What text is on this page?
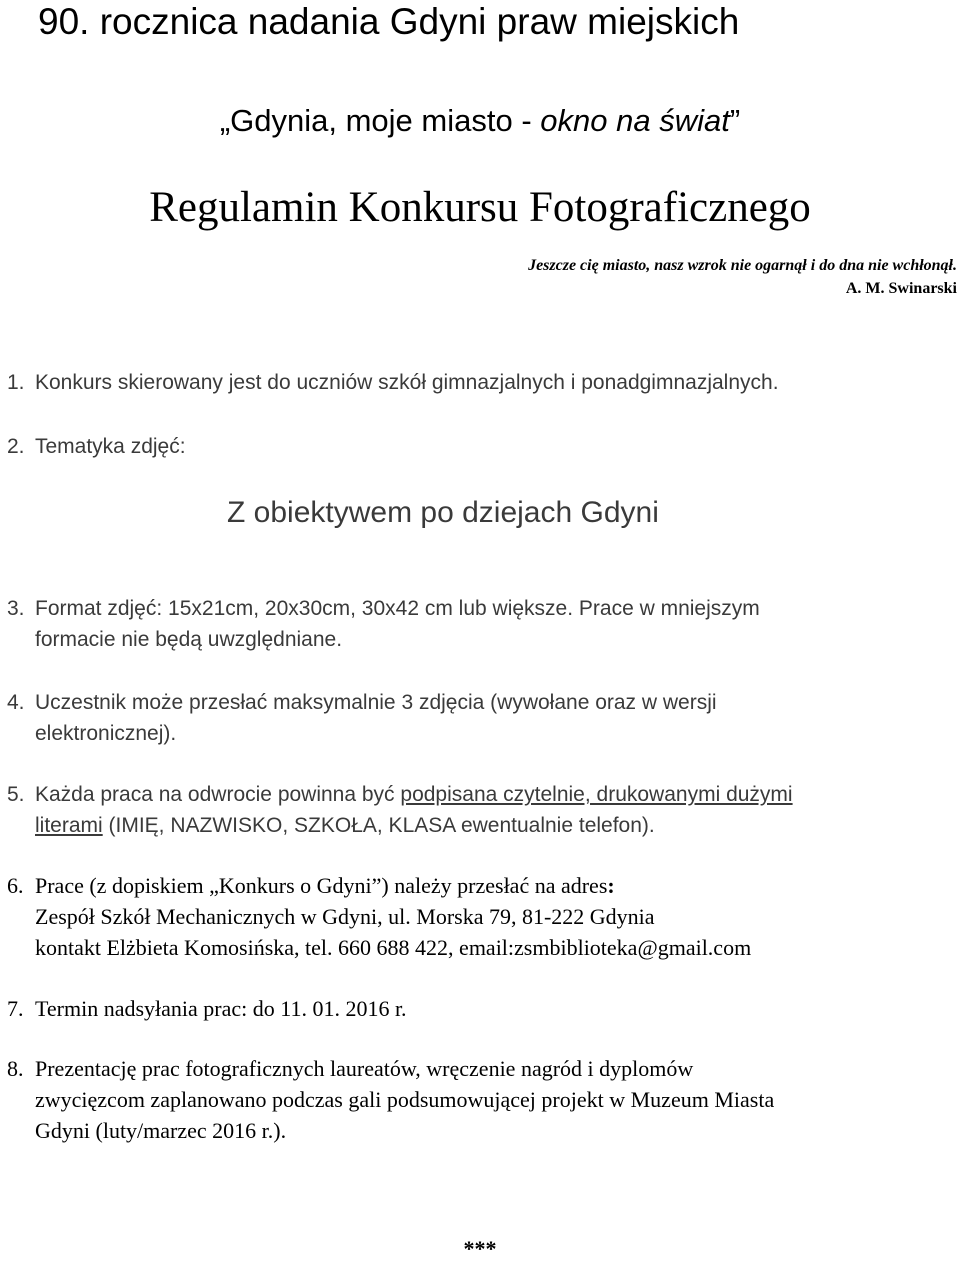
90. rocznica nadania Gdyni praw miejskich
„Gdynia, moje miasto - okno na świat”
Regulamin Konkursu Fotograficznego
Jeszcze cię miasto, nasz wzrok nie ogarnął i do dna nie wchłonął.
A. M. Swinarski
1. Konkurs skierowany jest do uczniów szkół gimnazjalnych i ponadgimnazjalnych.
2. Tematyka zdjęć:
Z obiektywem po dziejach Gdyni
3. Format zdjęć: 15x21cm, 20x30cm, 30x42 cm lub większe. Prace w mniejszym
formacie nie będą uwzględniane.
4. Uczestnik może przesłać maksymalnie 3 zdjęcia (wywołane oraz w wersji
elektronicznej).
5. Każda praca na odwrocie powinna być podpisana czytelnie, drukowanymi dużymi
literami (IMIĘ, NAZWISKO, SZKOŁA, KLASA ewentualnie telefon).
6. Prace (z dopiskiem „Konkurs o Gdyni”) należy przesłać na adres:
Zespół Szkół Mechanicznych w Gdyni, ul. Morska 79, 81-222 Gdynia
kontakt Elżbieta Komosińska, tel. 660 688 422, email:zsmbiblioteka@gmail.com
7. Termin nadsyłania prac: do 11. 01. 2016 r.
8. Prezentację prac fotograficznych laureatów, wręczenie nagród i dyplomów
zwycięzcom zaplanowano podczas gali podsumowującej projekt w Muzeum Miasta
Gdyni (luty/marzec 2016 r.).
***
